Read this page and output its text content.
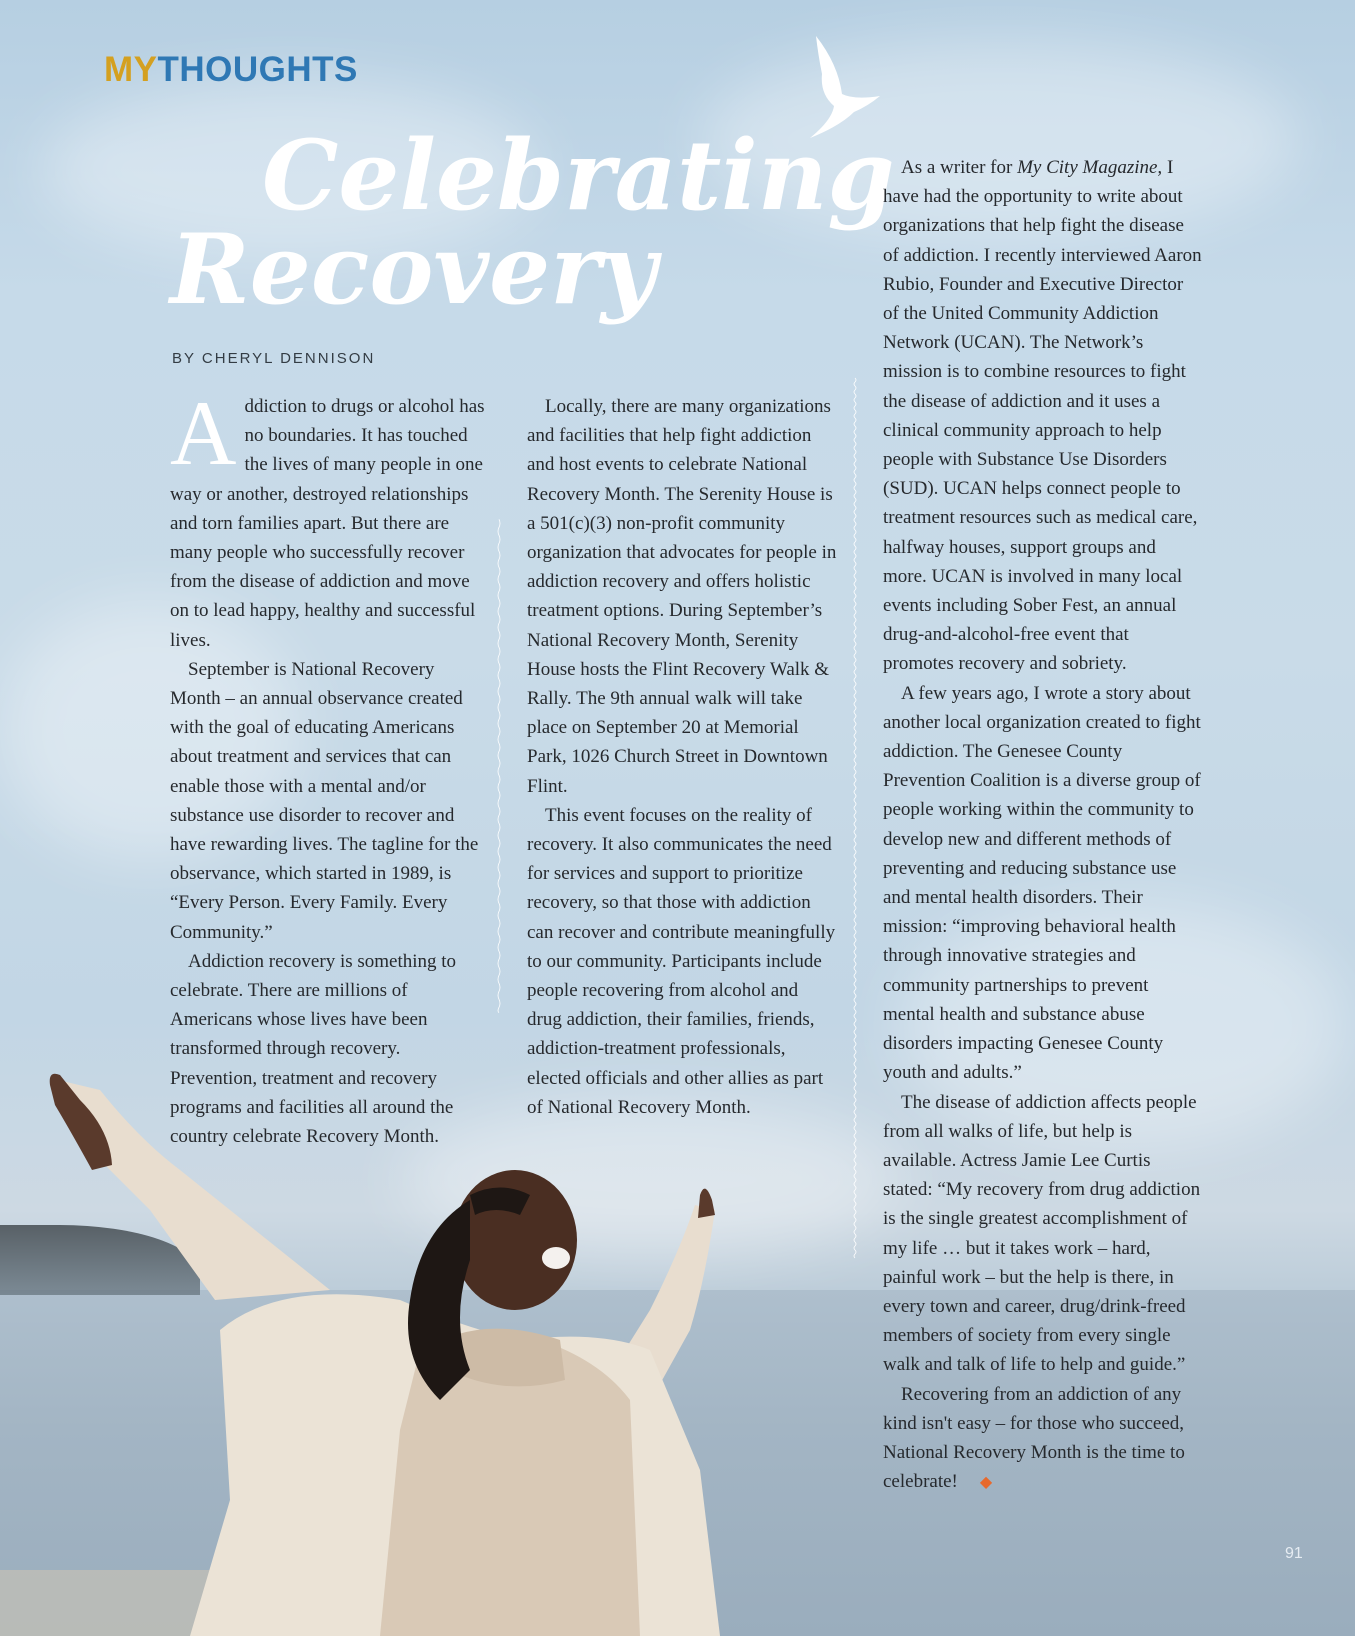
MYTHOUGHTS
Celebrating
Recovery
BY CHERYL DENNISON

Addiction to drugs or alcohol has no boundaries. It has touched the lives of many people in one way or another, destroyed relationships and torn families apart. But there are many people who successfully recover from the disease of addiction and move on to lead happy, healthy and successful lives.

September is National Recovery Month – an annual observance created with the goal of educating Americans about treatment and services that can enable those with a mental and/or substance use disorder to recover and have rewarding lives. The tagline for the observance, which started in 1989, is “Every Person. Every Family. Every Community.”

Addiction recovery is something to celebrate. There are millions of Americans whose lives have been transformed through recovery. Prevention, treatment and recovery programs and facilities all around the country celebrate Recovery Month.

Locally, there are many organizations and facilities that help fight addiction and host events to celebrate National Recovery Month. The Serenity House is a 501(c)(3) non-profit community organization that advocates for people in addiction recovery and offers holistic treatment options. During September’s National Recovery Month, Serenity House hosts the Flint Recovery Walk & Rally. The 9th annual walk will take place on September 20 at Memorial Park, 1026 Church Street in Downtown Flint.

This event focuses on the reality of recovery. It also communicates the need for services and support to prioritize recovery, so that those with addiction can recover and contribute meaningfully to our community. Participants include people recovering from alcohol and drug addiction, their families, friends, addiction-treatment professionals, elected officials and other allies as part of National Recovery Month.

As a writer for My City Magazine, I have had the opportunity to write about organizations that help fight the disease of addiction. I recently interviewed Aaron Rubio, Founder and Executive Director of the United Community Addiction Network (UCAN). The Network’s mission is to combine resources to fight the disease of addiction and it uses a clinical community approach to help people with Substance Use Disorders (SUD). UCAN helps connect people to treatment resources such as medical care, halfway houses, support groups and more. UCAN is involved in many local events including Sober Fest, an annual drug-and-alcohol-free event that promotes recovery and sobriety.

A few years ago, I wrote a story about another local organization created to fight addiction. The Genesee County Prevention Coalition is a diverse group of people working within the community to develop new and different methods of preventing and reducing substance use and mental health disorders. Their mission: “improving behavioral health through innovative strategies and community partnerships to prevent mental health and substance abuse disorders impacting Genesee County youth and adults.”

The disease of addiction affects people from all walks of life, but help is available. Actress Jamie Lee Curtis stated: “My recovery from drug addiction is the single greatest accomplishment of my life … but it takes work – hard, painful work – but the help is there, in every town and career, drug/drink-freed members of society from every single walk and talk of life to help and guide.”

Recovering from an addiction of any kind isn't easy – for those who succeed, National Recovery Month is the time to celebrate! ◆

91
